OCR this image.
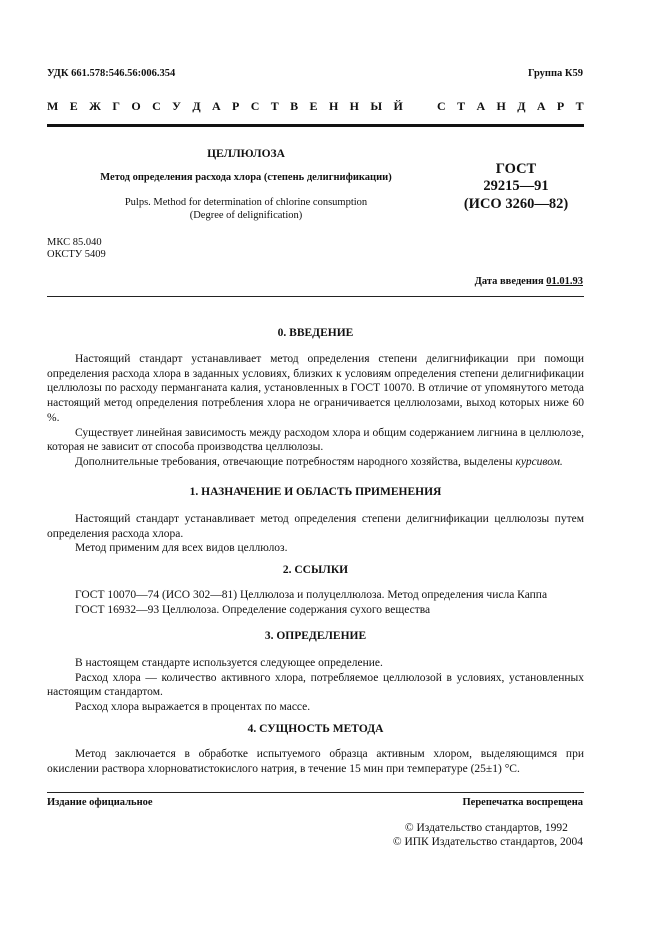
УДК 661.578:546.56:006.354	Группа К59
М Е Ж Г О С У Д А Р С Т В Е Н Н Ы Й	С Т А Н Д А Р Т
ЦЕЛЛЮЛОЗА
Метод определения расхода хлора (степень делигнификации)
Pulps. Method for determination of chlorine consumption
(Degree of delignification)
ГОСТ
29215—91
(ИСО 3260—82)
МКС 85.040
ОКСТУ 5409
Дата введения 01.01.93
0. ВВЕДЕНИЕ

Настоящий стандарт устанавливает метод определения степени делигнификации при помощи определения расхода хлора в заданных условиях, близких к условиям определения степени делигнификации целлюлозы по расходу перманганата калия, установленных в ГОСТ 10070. В отличие от упомянутого метода настоящий метод определения потребления хлора не ограничивается целлюлозами, выход которых ниже 60 %.

Существует линейная зависимость между расходом хлора и общим содержанием лигнина в целлюлозе, которая не зависит от способа производства целлюлозы.

Дополнительные требования, отвечающие потребностям народного хозяйства, выделены курсивом.

1. НАЗНАЧЕНИЕ И ОБЛАСТЬ ПРИМЕНЕНИЯ

Настоящий стандарт устанавливает метод определения степени делигнификации целлюлозы путем определения расхода хлора.

Метод применим для всех видов целлюлоз.

2. ССЫЛКИ
ГОСТ 10070—74 (ИСО 302—81) Целлюлоза и полуцеллюлоза. Метод определения числа Каппа
ГОСТ 16932—93 Целлюлоза. Определение содержания сухого вещества
3. ОПРЕДЕЛЕНИЕ

В настоящем стандарте используется следующее определение.

Расход хлора — количество активного хлора, потребляемое целлюлозой в условиях, установленных настоящим стандартом.

Расход хлора выражается в процентах по массе.

4. СУЩНОСТЬ МЕТОДА

Метод заключается в обработке испытуемого образца активным хлором, выделяющимся при окислении раствора хлорноватистокислого натрия, в течение 15 мин при температуре (25±1) °С.

Издание официальное	Перепечатка воспрещена
© Издательство стандартов, 1992
© ИПК Издательство стандартов, 2004
